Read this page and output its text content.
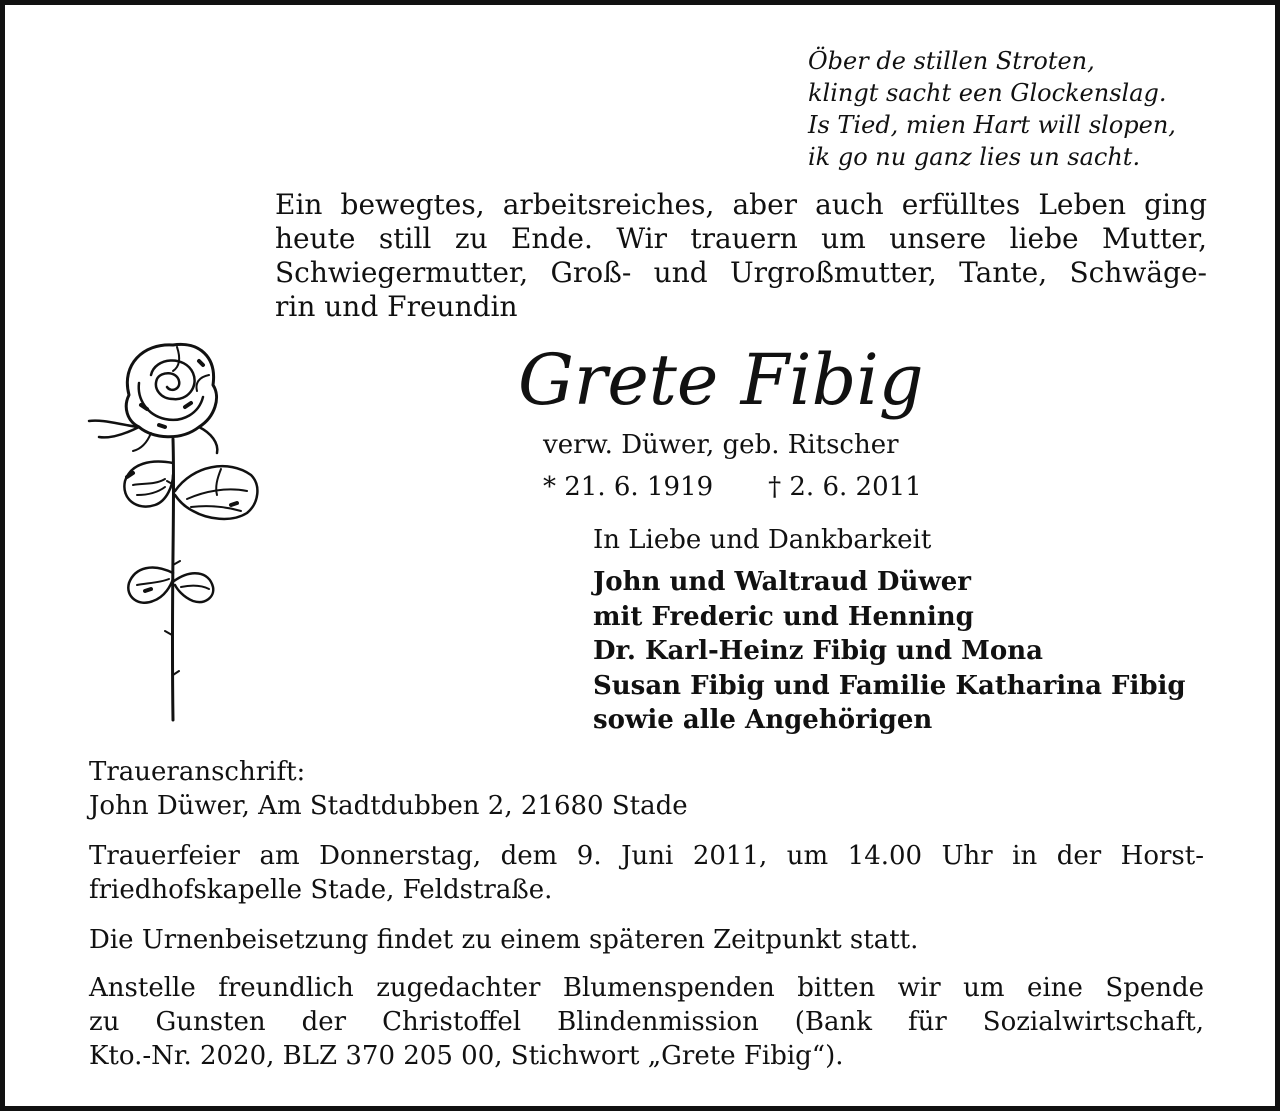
Öber de stillen Stroten,
klingt sacht een Glockenslag.
Is Tied, mien Hart will slopen,
ik go nu ganz lies un sacht.
Ein bewegtes, arbeitsreiches, aber auch erfülltes Leben ging
heute still zu Ende. Wir trauern um unsere liebe Mutter,
Schwiegermutter, Groß- und Urgroßmutter, Tante, Schwäge-
rin und Freundin
Grete Fibig
verw. Düwer, geb. Ritscher
* 21. 6. 1919 † 2. 6. 2011
In Liebe und Dankbarkeit
John und Waltraud Düwer
mit Frederic und Henning
Dr. Karl-Heinz Fibig und Mona
Susan Fibig und Familie Katharina Fibig
sowie alle Angehörigen
Traueranschrift:
John Düwer, Am Stadtdubben 2, 21680 Stade
Trauerfeier am Donnerstag, dem 9. Juni 2011, um 14.00 Uhr in der Horst-
friedhofskapelle Stade, Feldstraße.
Die Urnenbeisetzung findet zu einem späteren Zeitpunkt statt.
Anstelle freundlich zugedachter Blumenspenden bitten wir um eine Spende
zu Gunsten der Christoffel Blindenmission (Bank für Sozialwirtschaft,
Kto.-Nr. 2020, BLZ 370 205 00, Stichwort „Grete Fibig“).
